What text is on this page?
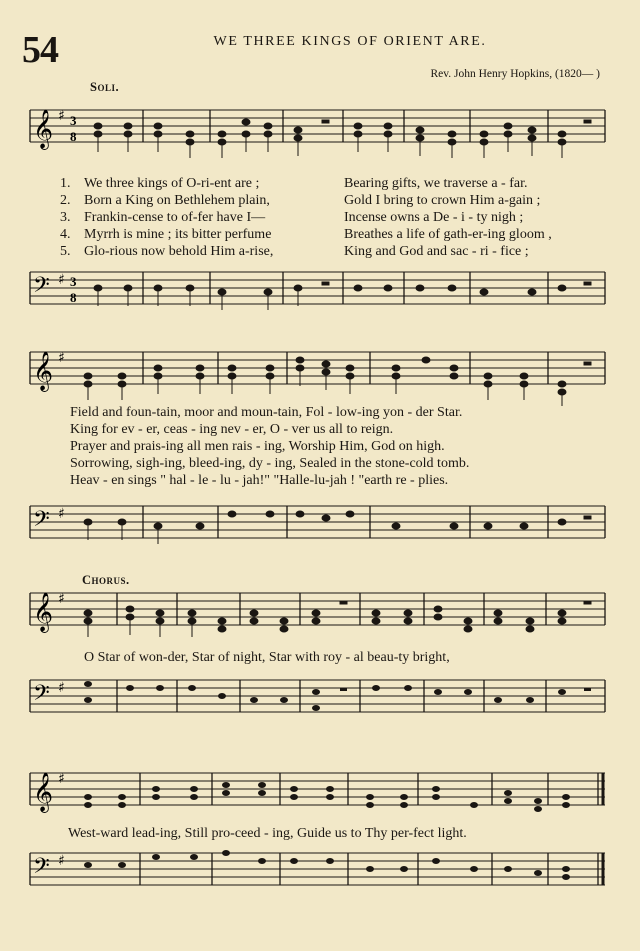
54	WE THREE KINGS OF ORIENT ARE.
Rev. John Henry Hopkins, (1820— )
Soli.
Chorus.
𝄞 ♯ 3
8
1. We three kings of O-ri-ent are ;	Bearing gifts, we traverse a - far.
2. Born a King on Bethlehem plain,	Gold I bring to crown Him a-gain ;
3. Frankin-cense to of-fer have I—	Incense owns a De - i - ty nigh ;
4. Myrrh is mine ; its bitter perfume	Breathes a life of gath-er-ing gloom ,
5. Glo-rious now behold Him a-rise,	King and God and sac - ri - fice ;
𝄢 ♯ 3
8
𝄞 ♯
Field and foun-tain, moor and moun-tain, Fol - low-ing yon - der Star.
King for ev - er, ceas - ing nev - er, O - ver us all to reign.
Prayer and prais-ing all men rais - ing, Worship Him, God on high.
Sorrowing, sigh-ing, bleed-ing, dy - ing, Sealed in the stone-cold tomb.
Heav - en sings " hal - le - lu - jah!" "Halle-lu-jah ! "earth re - plies.
𝄢 ♯
𝄞 ♯
O Star of won-der, Star of night, Star with roy - al beau-ty bright,
𝄢 ♯
𝄞 ♯
West-ward lead-ing, Still pro-ceed - ing, Guide us to Thy per-fect light.
𝄢 ♯
